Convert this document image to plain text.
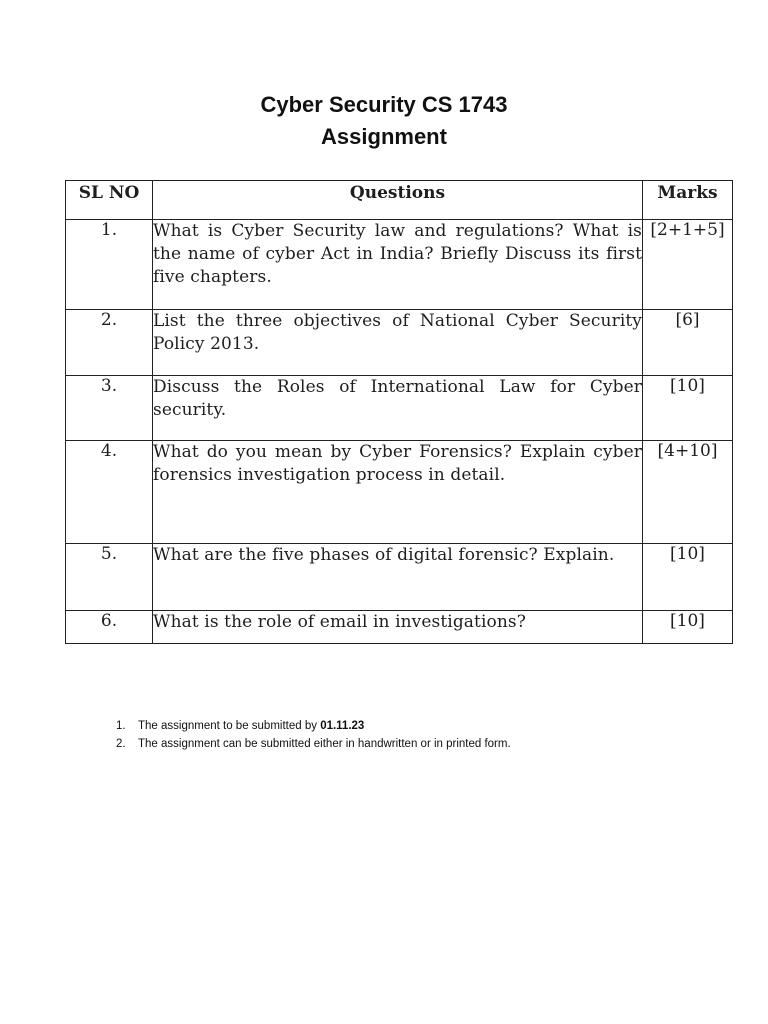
Cyber Security CS 1743
Assignment
SL NO	Questions	Marks
1.	What is Cyber Security law and regulations? What is the name of cyber Act in India? Briefly Discuss its first five chapters.	[2+1+5]
2.	List the three objectives of National Cyber Security Policy 2013.	[6]
3.	Discuss the Roles of International Law for Cyber security.	[10]
4.	What do you mean by Cyber Forensics? Explain cyber forensics investigation process in detail.	[4+10]
5.	What are the five phases of digital forensic? Explain.	[10]
6.	What is the role of email in investigations?	[10]
1. The assignment to be submitted by 01.11.23
2. The assignment can be submitted either in handwritten or in printed form.
